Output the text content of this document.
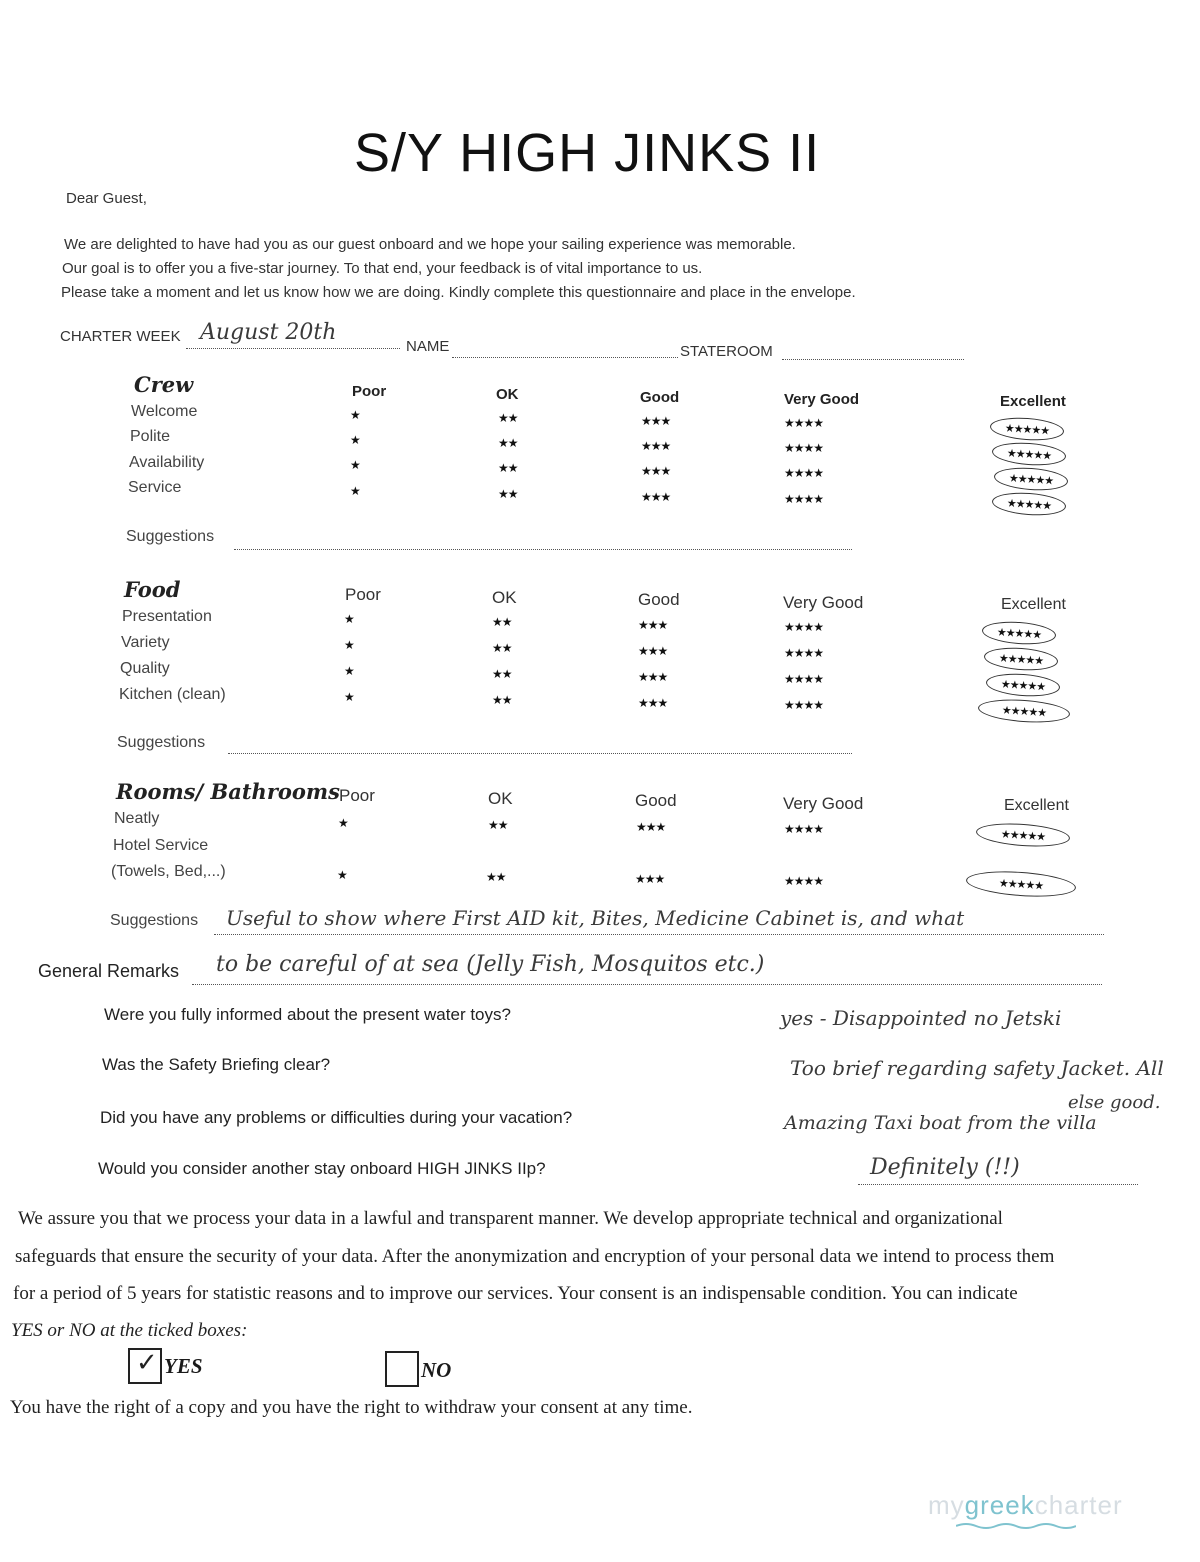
S/Y HIGH JINKS II
Dear Guest,
We are delighted to have had you as our guest onboard and we hope your sailing experience was memorable.
Our goal is to offer you a five-star journey. To that end, your feedback is of vital importance to us.
Please take a moment and let us know how we are doing. Kindly complete this questionnaire and place in the envelope.
CHARTER WEEK August 20th
NAME	STATEROOM
Crew	Poor	OK	Good	Very Good	Excellent
Welcome	★	★★	★★★	★★★★	★★★★★
Polite	★	★★	★★★	★★★★	★★★★★
Availability	★	★★	★★★	★★★★	★★★★★
Service	★	★★	★★★	★★★★	★★★★★
Suggestions
Food	Poor	OK	Good	Very Good	Excellent
Presentation	★	★★	★★★	★★★★	★★★★★
Variety	★	★★	★★★	★★★★	★★★★★
Quality	★	★★	★★★	★★★★	★★★★★
Kitchen (clean)	★	★★	★★★	★★★★	★★★★★
Suggestions
Rooms/ Bathrooms Poor	OK	Good	Very Good	Excellent
Neatly	★	★★	★★★	★★★★	★★★★★
Hotel Service
(Towels, Bed,...)	★	★★	★★★	★★★★	★★★★★
Suggestions Useful to show where First AID kit, Bites, Medicine Cabinet is, and what
General Remarks to be careful of at sea (Jelly Fish, Mosquitos etc.)
Were you fully informed about the present water toys?	yes - Disappointed no Jetski
Was the Safety Briefing clear?	Too brief regarding safety Jacket. All
Did you have any problems or difficulties during your vacation?	Amazing Taxi boat from the villa
else good.
Would you consider another stay onboard HIGH JINKS IIp?	Definitely (!!)
We assure you that we process your data in a lawful and transparent manner. We develop appropriate technical and organizational
safeguards that ensure the security of your data. After the anonymization and encryption of your personal data we intend to process them
for a period of 5 years for statistic reasons and to improve our services. Your consent is an indispensable condition. You can indicate
YES or NO at the ticked boxes:
✓ YES	NO
You have the right of a copy and you have the right to withdraw your consent at any time.
mygreekcharter
